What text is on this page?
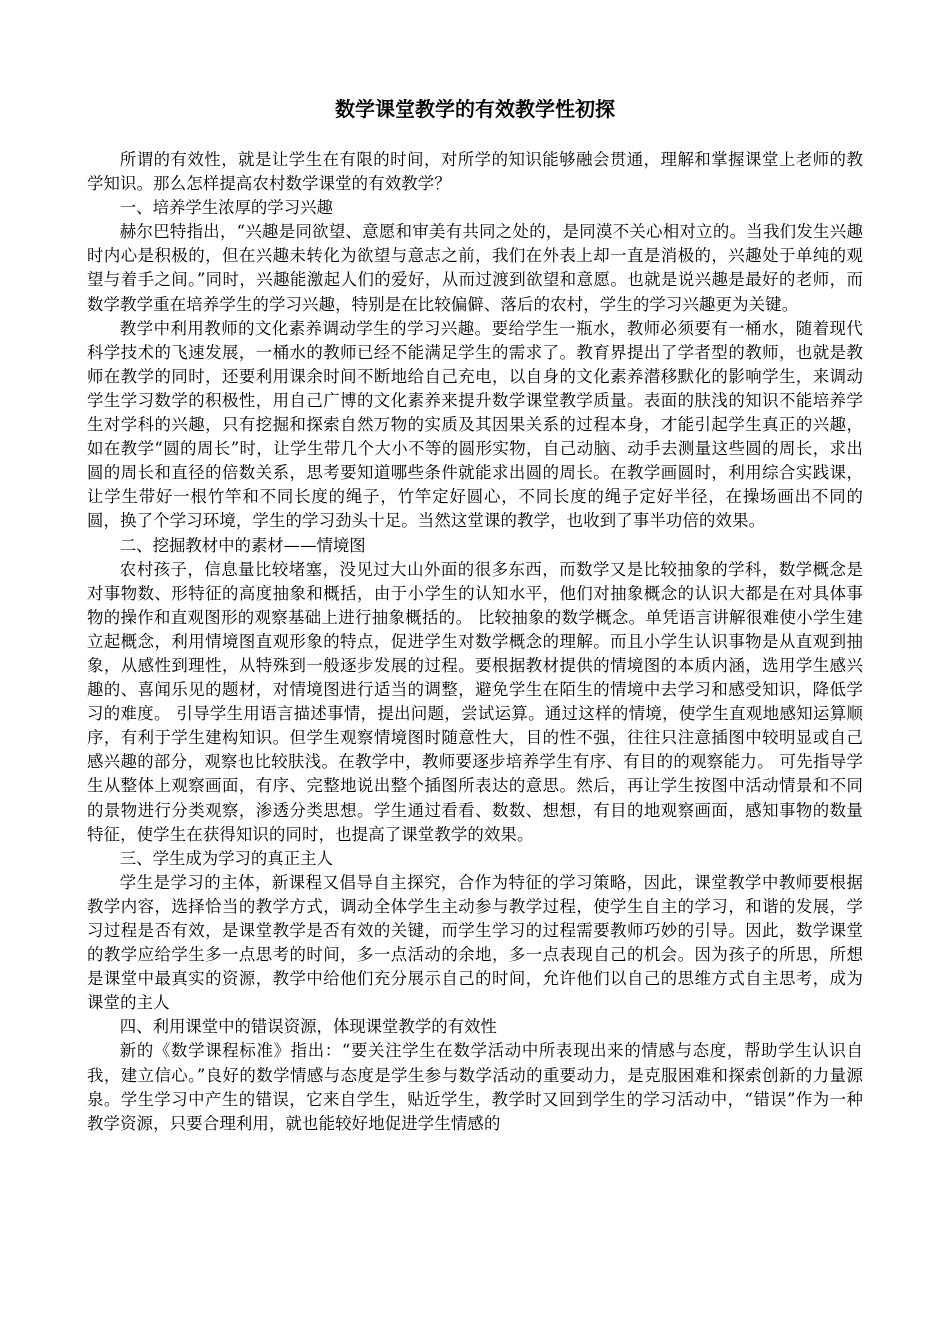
数学课堂教学的有效教学性初探

所谓的有效性，就是让学生在有限的时间，对所学的知识能够融会贯通，理解和掌握课堂上老师的教学知识。那么怎样提高农村数学课堂的有效教学？

一、培养学生浓厚的学习兴趣

赫尔巴特指出，“兴趣是同欲望、意愿和审美有共同之处的，是同漠不关心相对立的。当我们发生兴趣时内心是积极的，但在兴趣未转化为欲望与意志之前，我们在外表上却一直是消极的，兴趣处于单纯的观望与着手之间。”同时，兴趣能激起人们的爱好，从而过渡到欲望和意愿。也就是说兴趣是最好的老师，而数学教学重在培养学生的学习兴趣，特别是在比较偏僻、落后的农村，学生的学习兴趣更为关键。

教学中利用教师的文化素养调动学生的学习兴趣。要给学生一瓶水，教师必须要有一桶水，随着现代科学技术的飞速发展，一桶水的教师已经不能满足学生的需求了。教育界提出了学者型的教师，也就是教师在教学的同时，还要利用课余时间不断地给自己充电，以自身的文化素养潜移默化的影响学生，来调动学生学习数学的积极性，用自己广博的文化素养来提升数学课堂教学质量。表面的肤浅的知识不能培养学生对学科的兴趣，只有挖掘和探索自然万物的实质及其因果关系的过程本身，才能引起学生真正的兴趣，如在教学“圆的周长”时，让学生带几个大小不等的圆形实物，自己动脑、动手去测量这些圆的周长，求出圆的周长和直径的倍数关系，思考要知道哪些条件就能求出圆的周长。在教学画圆时，利用综合实践课，让学生带好一根竹竿和不同长度的绳子，竹竿定好圆心，不同长度的绳子定好半径，在操场画出不同的圆，换了个学习环境，学生的学习劲头十足。当然这堂课的教学，也收到了事半功倍的效果。

二、挖掘教材中的素材——情境图

农村孩子，信息量比较堵塞，没见过大山外面的很多东西，而数学又是比较抽象的学科，数学概念是对事物数、形特征的高度抽象和概括，由于小学生的认知水平，他们对抽象概念的认识大都是在对具体事物的操作和直观图形的观察基础上进行抽象概括的。 比较抽象的数学概念。单凭语言讲解很难使小学生建立起概念，利用情境图直观形象的特点，促进学生对数学概念的理解。而且小学生认识事物是从直观到抽象，从感性到理性，从特殊到一般逐步发展的过程。要根据教材提供的情境图的本质内涵，选用学生感兴趣的、喜闻乐见的题材，对情境图进行适当的调整，避免学生在陌生的情境中去学习和感受知识，降低学习的难度。 引导学生用语言描述事情，提出问题，尝试运算。通过这样的情境，使学生直观地感知运算顺序，有利于学生建构知识。但学生观察情境图时随意性大，目的性不强，往往只注意插图中较明显或自己感兴趣的部分，观察也比较肤浅。在教学中，教师要逐步培养学生有序、有目的的观察能力。 可先指导学生从整体上观察画面，有序、完整地说出整个插图所表达的意思。然后，再让学生按图中活动情景和不同的景物进行分类观察，渗透分类思想。学生通过看看、数数、想想，有目的地观察画面，感知事物的数量特征，使学生在获得知识的同时，也提高了课堂教学的效果。

三、学生成为学习的真正主人

学生是学习的主体，新课程又倡导自主探究，合作为特征的学习策略，因此，课堂教学中教师要根据教学内容，选择恰当的教学方式，调动全体学生主动参与教学过程，使学生自主的学习，和谐的发展，学习过程是否有效，是课堂教学是否有效的关键，而学生学习的过程需要教师巧妙的引导。因此，数学课堂的教学应给学生多一点思考的时间，多一点活动的余地，多一点表现自己的机会。因为孩子的所思，所想是课堂中最真实的资源，教学中给他们充分展示自己的时间，允许他们以自己的思维方式自主思考，成为课堂的主人

四、利用课堂中的错误资源，体现课堂教学的有效性

新的《数学课程标准》指出：“要关注学生在数学活动中所表现出来的情感与态度，帮助学生认识自我，建立信心。”良好的数学情感与态度是学生参与数学活动的重要动力，是克服困难和探索创新的力量源泉。学生学习中产生的错误，它来自学生，贴近学生，教学时又回到学生的学习活动中，“错误”作为一种教学资源，只要合理利用，就也能较好地促进学生情感的
